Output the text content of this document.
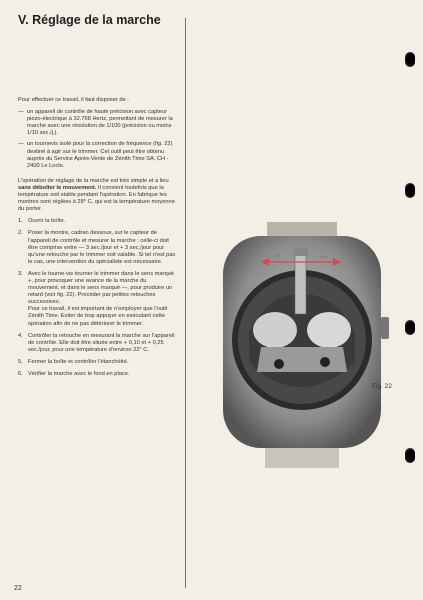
V. Réglage de la marche

Pour effectuer ce travail, il faut disposer de :

— un appareil de contrôle de haute précision avec capteur piezo-électrique à 32.768 Hertz, permettant de mesurer la marche avec une résolution de 1/100 (précision ou moins 1/10 sec./j.).
— un tournevis isolé pour la correction de fréquence (fig. 22) destiné à agir sur le trimmer. Cet outil peut être obtenu auprès du Service Après-Vente de Zénith Time SA, CH - 2400 Le Locle.

L'opération de réglage de la marche est très simple et a lieu sans déboîter le mouvement. Il convient toutefois que la température soit stable pendant l'opération. En fabrique les montres sont réglées à 28° C, qui est la température moyenne du porter.

1. Ouvrir la boîte.
2. Poser la montre, cadran dessous, sur le capteur de l'appareil de contrôle et mesurer la marche ; celle-ci doit être comprise entre — 3 sec./jour et + 3 sec./jour pour qu'une retouche par le trimmer soit valable. Si tel n'est pas le cas, une intervention du spécialiste est nécessaire.
3. Avec le tourne-vis tourner le trimmer dans le sens marqué +, pour provoquer une avance de la marche du mouvement, et dans le sens marqué —, pour produire un retard (voir fig. 22). Procéder par petites retouches successives.
Pour ce travail, il est important de n'employer que l'outil Zénith Time. Eviter de trop appuyer en exécutant cette opération afin de ne pas détériorer le trimmer.
4. Contrôler la retouche en mesurant la marche sur l'appareil de contrôle. Elle doit être située entre + 0,10 et + 0,25 sec./jour, pour une température d'environ 22° C.
5. Fermer la boîte et contrôler l'étanchéité.
6. Vérifier la marche avec le fond en place.
+	—
Fig. 22
22
